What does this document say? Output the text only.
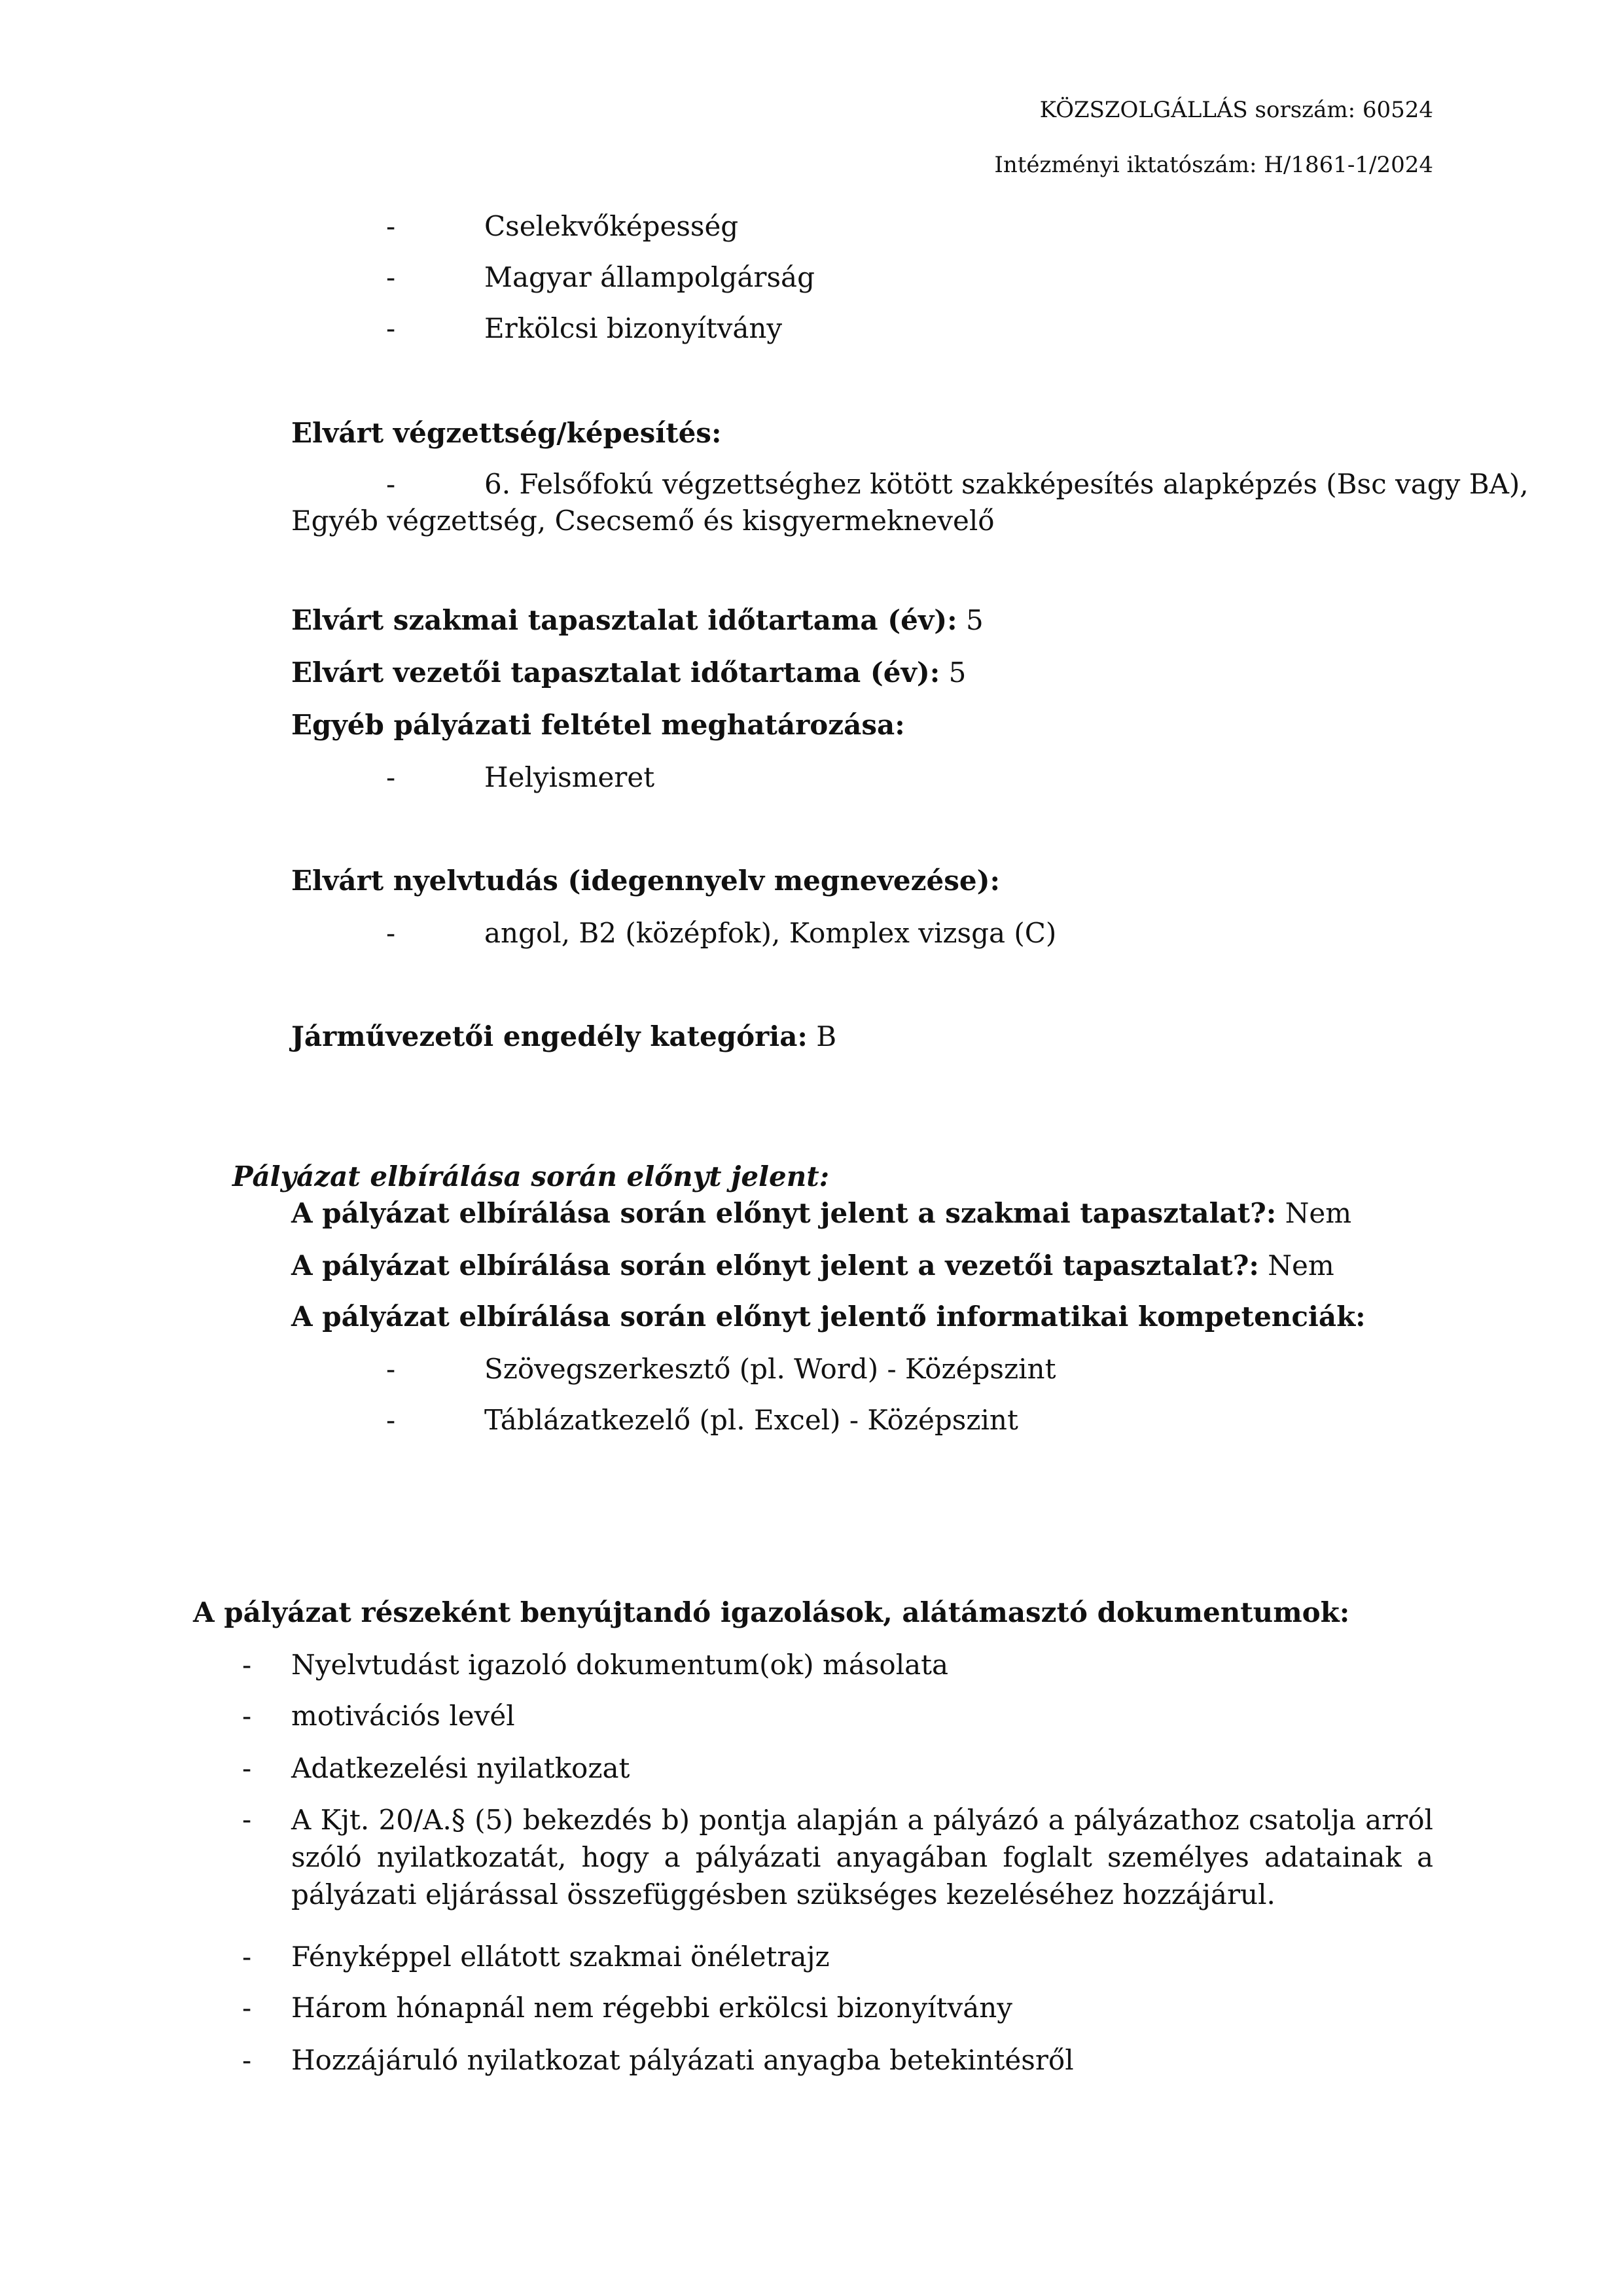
KÖZSZOLGÁLLÁS sorszám: 60524
Intézményi iktatószám: H/1861-1/2024
-	Cselekvőképesség
-	Magyar állampolgárság
-	Erkölcsi bizonyítvány
Elvárt végzettség/képesítés:
-	6. Felsőfokú végzettséghez kötött szakképesítés alapképzés (Bsc vagy BA),
Egyéb végzettség, Csecsemő és kisgyermeknevelő
Elvárt szakmai tapasztalat időtartama (év): 5
Elvárt vezetői tapasztalat időtartama (év): 5
Egyéb pályázati feltétel meghatározása:
-	Helyismeret
Elvárt nyelvtudás (idegennyelv megnevezése):
-	angol, B2 (középfok), Komplex vizsga (C)
Járművezetői engedély kategória: B
Pályázat elbírálása során előnyt jelent:
A pályázat elbírálása során előnyt jelent a szakmai tapasztalat?: Nem
A pályázat elbírálása során előnyt jelent a vezetői tapasztalat?: Nem
A pályázat elbírálása során előnyt jelentő informatikai kompetenciák:
-	Szövegszerkesztő (pl. Word) - Középszint
-	Táblázatkezelő (pl. Excel) - Középszint
A pályázat részeként benyújtandó igazolások, alátámasztó dokumentumok:
- Nyelvtudást igazoló dokumentum(ok) másolata
- motivációs levél
- Adatkezelési nyilatkozat
- A Kjt. 20/A.§ (5) bekezdés b) pontja alapján a pályázó a pályázathoz csatolja arról szóló nyilatkozatát, hogy a pályázati anyagában foglalt személyes adatainak a pályázati eljárással összefüggésben szükséges kezeléséhez hozzájárul.
- Fényképpel ellátott szakmai önéletrajz
- Három hónapnál nem régebbi erkölcsi bizonyítvány
- Hozzájáruló nyilatkozat pályázati anyagba betekintésről
